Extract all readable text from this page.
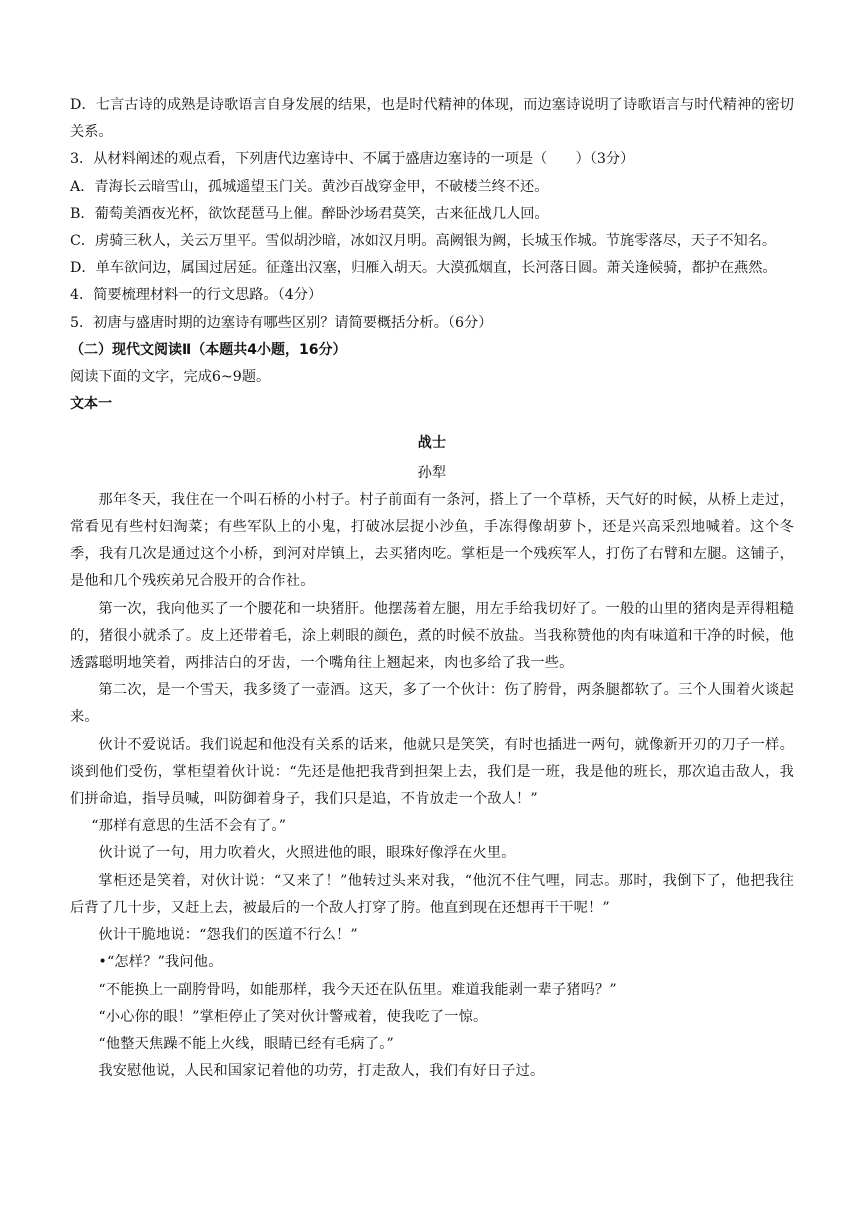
D．七言古诗的成熟是诗歌语言自身发展的结果，也是时代精神的体现，而边塞诗说明了诗歌语言与时代精神的密切关系。

3．从材料阐述的观点看，下列唐代边塞诗中、不属于盛唐边塞诗的一项是（　　）（3分）

A．青海长云暗雪山，孤城遥望玉门关。黄沙百战穿金甲，不破楼兰终不还。

B．葡萄美酒夜光杯，欲饮琵琶马上催。醉卧沙场君莫笑，古来征战几人回。

C．虏骑三秋人，关云万里平。雪似胡沙暗，冰如汉月明。高阙银为阙，长城玉作城。节旄零落尽，天子不知名。

D．单车欲问边，属国过居延。征蓬出汉塞，归雁入胡天。大漠孤烟直，长河落日圆。萧关逢候骑，都护在燕然。

4．简要梳理材料一的行文思路。（4分）

5．初唐与盛唐时期的边塞诗有哪些区别？请简要概括分析。（6分）

（二）现代文阅读Ⅱ（本题共4小题，16分）

阅读下面的文字，完成6~9题。

文本一

战士

孙犁

那年冬天，我住在一个叫石桥的小村子。村子前面有一条河，搭上了一个草桥，天气好的时候，从桥上走过，常看见有些村妇淘菜；有些军队上的小鬼，打破冰层捉小沙鱼，手冻得像胡萝卜，还是兴高采烈地喊着。这个冬季，我有几次是通过这个小桥，到河对岸镇上，去买猪肉吃。掌柜是一个残疾军人，打伤了右臂和左腿。这铺子，是他和几个残疾弟兄合股开的合作社。

第一次，我向他买了一个腰花和一块猪肝。他摆荡着左腿，用左手给我切好了。一般的山里的猪肉是弄得粗糙的，猪很小就杀了。皮上还带着毛，涂上刺眼的颜色，煮的时候不放盐。当我称赞他的肉有味道和干净的时候，他透露聪明地笑着，两排洁白的牙齿，一个嘴角往上翘起来，肉也多给了我一些。

第二次，是一个雪天，我多烫了一壶酒。这天，多了一个伙计：伤了胯骨，两条腿都软了。三个人围着火谈起来。

伙计不爱说话。我们说起和他没有关系的话来，他就只是笑笑，有时也插进一两句，就像新开刃的刀子一样。谈到他们受伤，掌柜望着伙计说：“先还是他把我背到担架上去，我们是一班，我是他的班长，那次追击敌人，我们拼命追，指导员喊，叫防御着身子，我们只是追，不肯放走一个敌人！”

“那样有意思的生活不会有了。”

伙计说了一句，用力吹着火，火照进他的眼，眼珠好像浮在火里。

掌柜还是笑着，对伙计说：“又来了！”他转过头来对我，“他沉不住气哩，同志。那时，我倒下了，他把我往后背了几十步，又赶上去，被最后的一个敌人打穿了胯。他直到现在还想再干干呢！”

伙计干脆地说：“怨我们的医道不行么！”

•“怎样？”我问他。

“不能换上一副胯骨吗，如能那样，我今天还在队伍里。难道我能剥一辈子猪吗？”

“小心你的眼！”掌柜停止了笑对伙计警戒着，使我吃了一惊。

“他整天焦躁不能上火线，眼睛已经有毛病了。”

我安慰他说，人民和国家记着他的功劳，打走敌人，我们有好日子过。
